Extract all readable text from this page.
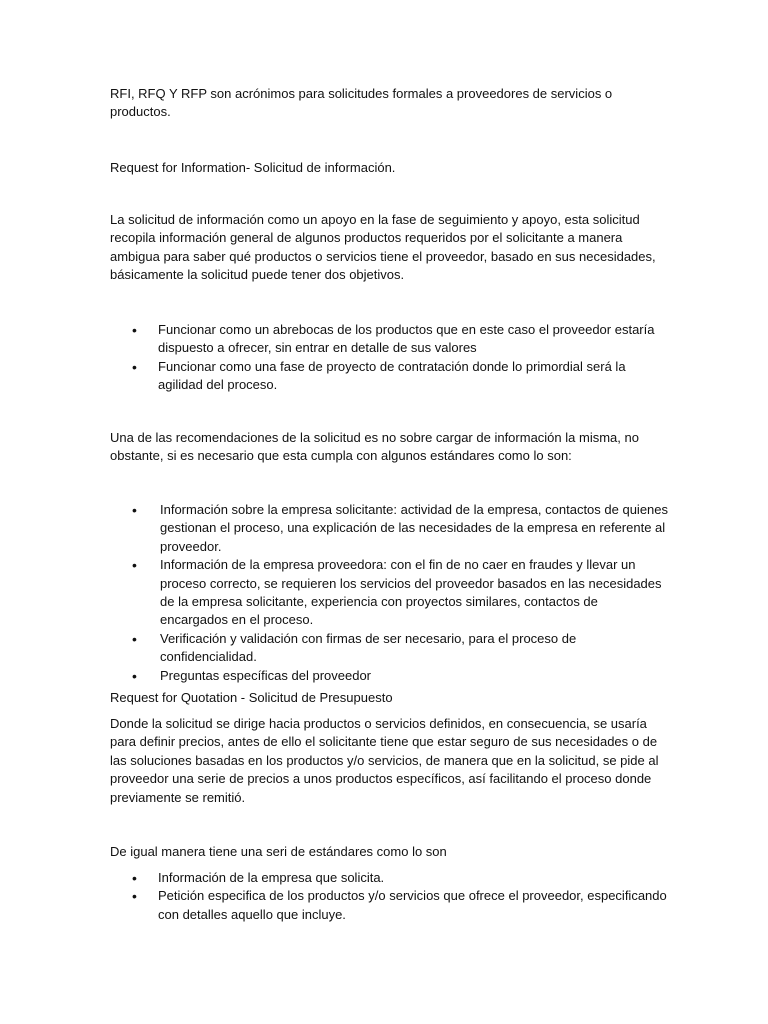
RFI, RFQ Y RFP son acrónimos para solicitudes formales a proveedores de servicios o productos.

Request for Information- Solicitud de información.

La solicitud de información como un apoyo en la fase de seguimiento y apoyo, esta solicitud recopila información general de algunos productos requeridos por el solicitante a manera ambigua para saber qué productos o servicios tiene el proveedor, basado en sus necesidades, básicamente la solicitud puede tener dos objetivos.

• Funcionar como un abrebocas de los productos que en este caso el proveedor estaría dispuesto a ofrecer, sin entrar en detalle de sus valores
• Funcionar como una fase de proyecto de contratación donde lo primordial será la agilidad del proceso.

Una de las recomendaciones de la solicitud es no sobre cargar de información la misma, no obstante, si es necesario que esta cumpla con algunos estándares como lo son:

• Información sobre la empresa solicitante: actividad de la empresa, contactos de quienes gestionan el proceso, una explicación de las necesidades de la empresa en referente al proveedor.
• Información de la empresa proveedora: con el fin de no caer en fraudes y llevar un proceso correcto, se requieren los servicios del proveedor basados en las necesidades de la empresa solicitante, experiencia con proyectos similares, contactos de encargados en el proceso.
• Verificación y validación con firmas de ser necesario, para el proceso de confidencialidad.
• Preguntas específicas del proveedor

Request for Quotation - Solicitud de Presupuesto

Donde la solicitud se dirige hacia productos o servicios definidos, en consecuencia, se usaría para definir precios, antes de ello el solicitante tiene que estar seguro de sus necesidades o de las soluciones basadas en los productos y/o servicios, de manera que en la solicitud, se pide al proveedor una serie de precios a unos productos específicos, así facilitando el proceso donde previamente se remitió.

De igual manera tiene una seri de estándares como lo son

• Información de la empresa que solicita.
• Petición especifica de los productos y/o servicios que ofrece el proveedor, especificando con detalles aquello que incluye.
